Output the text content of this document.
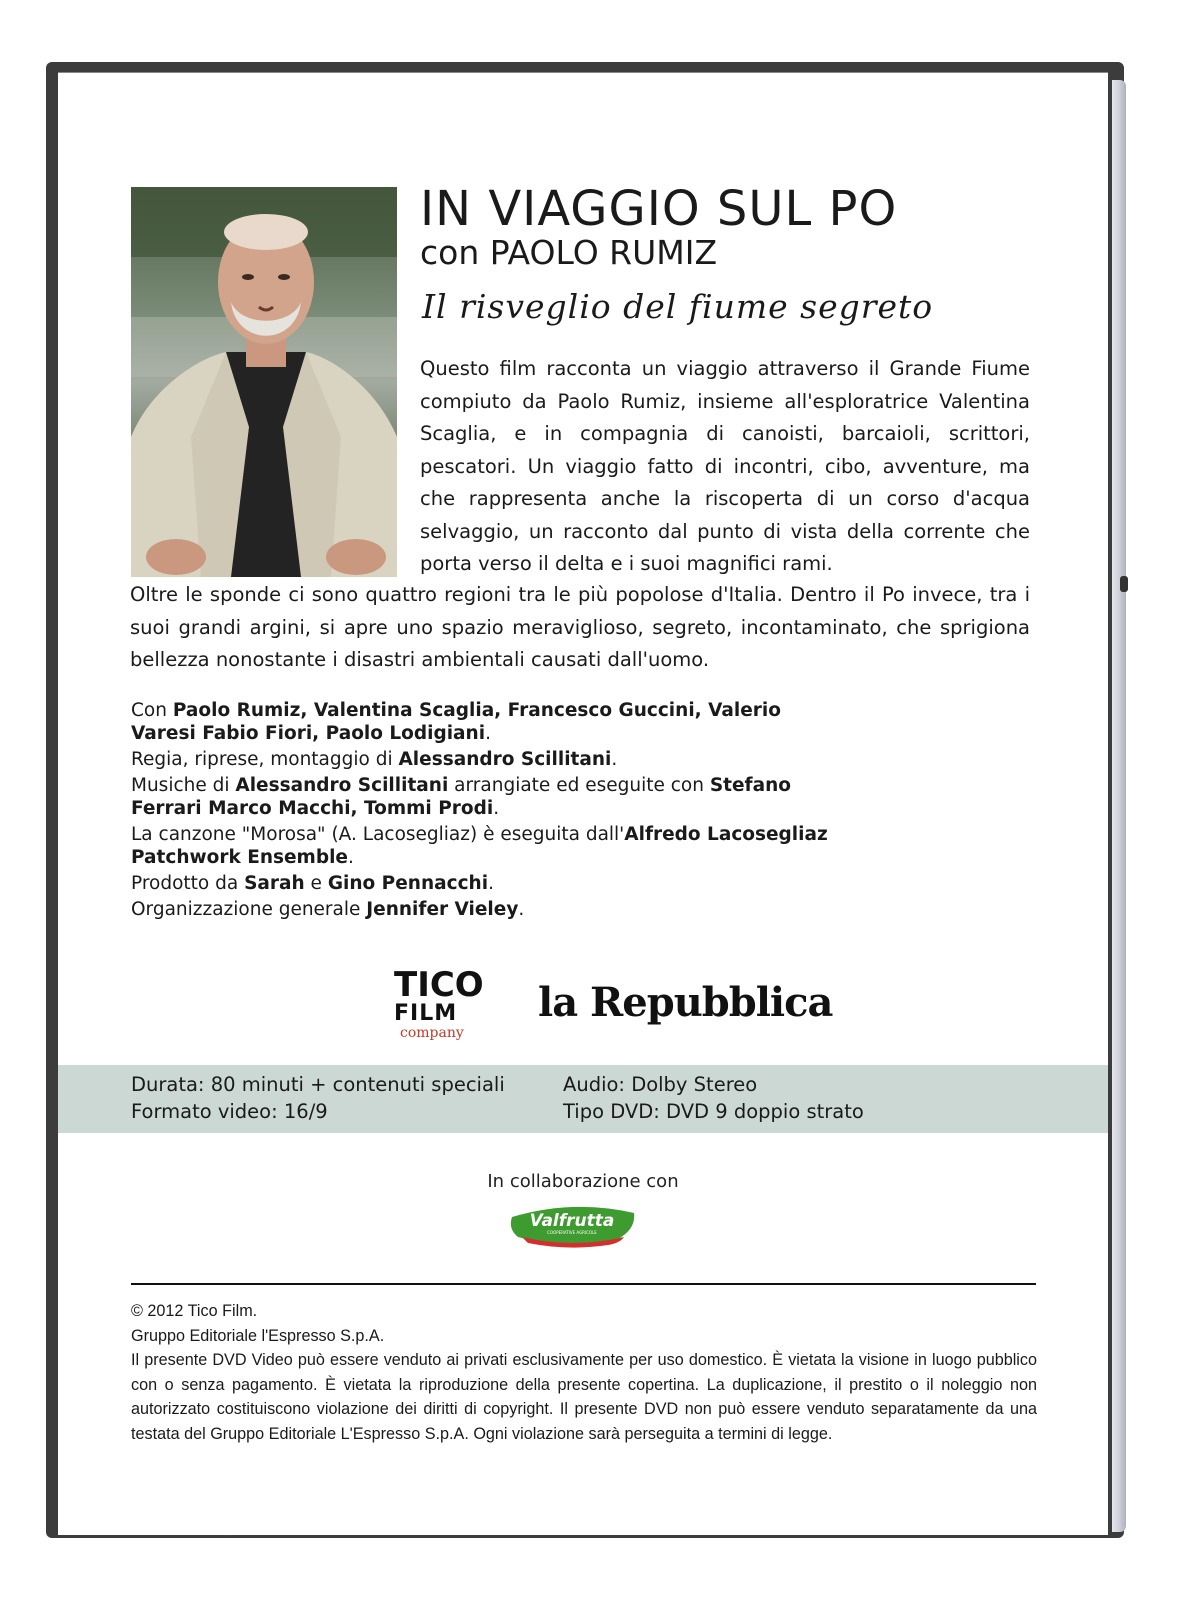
IN VIAGGIO SUL PO
con PAOLO RUMIZ
Il risveglio del fiume segreto
Questo film racconta un viaggio attraverso il Grande Fiume compiuto da Paolo Rumiz, insieme all'esploratrice Valentina Scaglia, e in compagnia di canoisti, barcaioli, scrittori, pescatori. Un viaggio fatto di incontri, cibo, avventure, ma che rappresenta anche la riscoperta di un corso d'acqua selvaggio, un racconto dal punto di vista della corrente che porta verso il delta e i suoi magnifici rami.
Oltre le sponde ci sono quattro regioni tra le più popolose d'Italia. Dentro il Po invece, tra i suoi grandi argini, si apre uno spazio meraviglioso, segreto, incontaminato, che sprigiona bellezza nonostante i disastri ambientali causati dall'uomo.

Con Paolo Rumiz, Valentina Scaglia, Francesco Guccini, Valerio Varesi Fabio Fiori, Paolo Lodigiani.

Regia, riprese, montaggio di Alessandro Scillitani.

Musiche di Alessandro Scillitani arrangiate ed eseguite con Stefano Ferrari Marco Macchi, Tommi Prodi.

La canzone "Morosa" (A. Lacosegliaz) è eseguita dall'Alfredo Lacosegliaz Patchwork Ensemble.

Prodotto da Sarah e Gino Pennacchi.

Organizzazione generale Jennifer Vieley.

TICO
FILM
company
la Repubblica
Durata: 80 minuti + contenuti speciali
Formato video: 16/9
Audio: Dolby Stereo
Tipo DVD: DVD 9 doppio strato
In collaborazione con
Valfrutta
COOPERATIVE AGRICOLE

© 2012 Tico Film.

Gruppo Editoriale l'Espresso S.p.A.

Il presente DVD Video può essere venduto ai privati esclusivamente per uso domestico. È vietata la visione in luogo pubblico con o senza pagamento. È vietata la riproduzione della presente copertina. La duplicazione, il prestito o il noleggio non autorizzato costituiscono violazione dei diritti di copyright. Il presente DVD non può essere venduto separatamente da una testata del Gruppo Editoriale L'Espresso S.p.A. Ogni violazione sarà perseguita a termini di legge.
